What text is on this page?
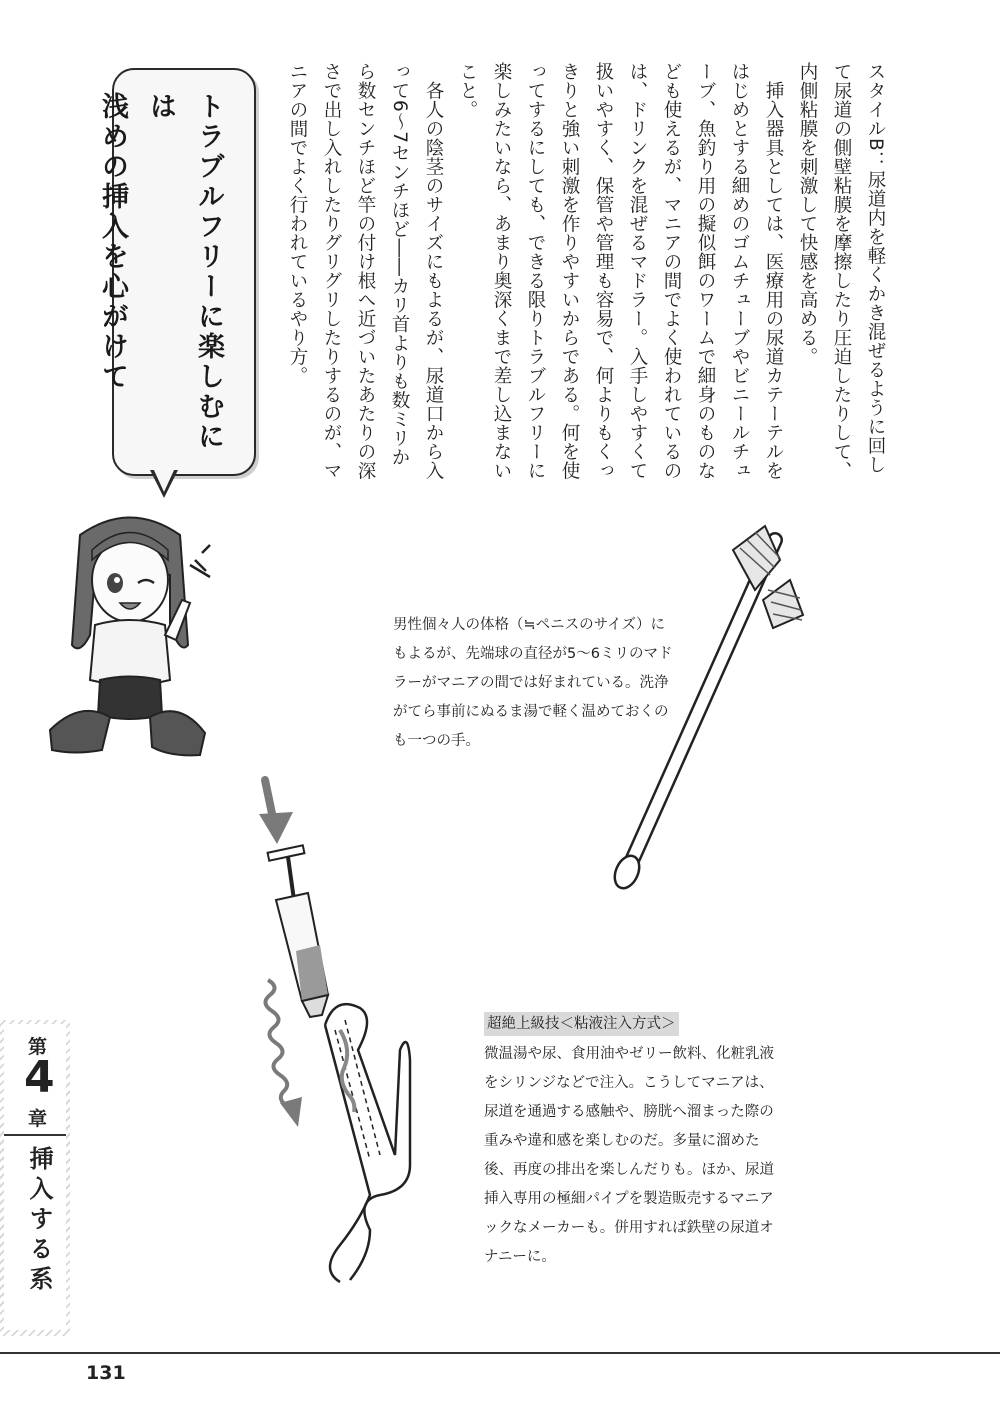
スタイルB：尿道内を軽くかき混ぜるように回して尿道の側壁粘膜を摩擦したり圧迫したりして、内側粘膜を刺激して快感を高める。

挿入器具としては、医療用の尿道カテーテルをはじめとする細めのゴムチューブやビニールチューブ、魚釣り用の擬似餌のワームで細身のものなども使えるが、マニアの間でよく使われているのは、ドリンクを混ぜるマドラー。入手しやすくて扱いやすく、保管や管理も容易で、何よりもくっきりと強い刺激を作りやすいからである。何を使ってするにしても、できる限りトラブルフリーに楽しみたいなら、あまり奥深くまで差し込まないこと。

各人の陰茎のサイズにもよるが、尿道口から入って6〜7センチほど――カリ首よりも数ミリから数センチほど竿の付け根へ近づいたあたりの深さで出し入れしたりグリグリしたりするのが、マニアの間でよく行われているやり方。

トラブルフリーに楽しむには
浅めの挿入を心がけて
男性個々人の体格（≒ペニスのサイズ）にもよるが、先端球の直径が5〜6ミリのマドラーがマニアの間では好まれている。洗浄がてら事前にぬるま湯で軽く温めておくのも一つの手。
超絶上級技＜粘液注入方式＞
微温湯や尿、食用油やゼリー飲料、化粧乳液をシリンジなどで注入。こうしてマニアは、尿道を通過する感触や、膀胱へ溜まった際の重みや違和感を楽しむのだ。多量に溜めた後、再度の排出を楽しんだりも。ほか、尿道挿入専用の極細パイプを製造販売するマニアックなメーカーも。併用すれば鉄壁の尿道オナニーに。
第
4
章
挿入する系
131
